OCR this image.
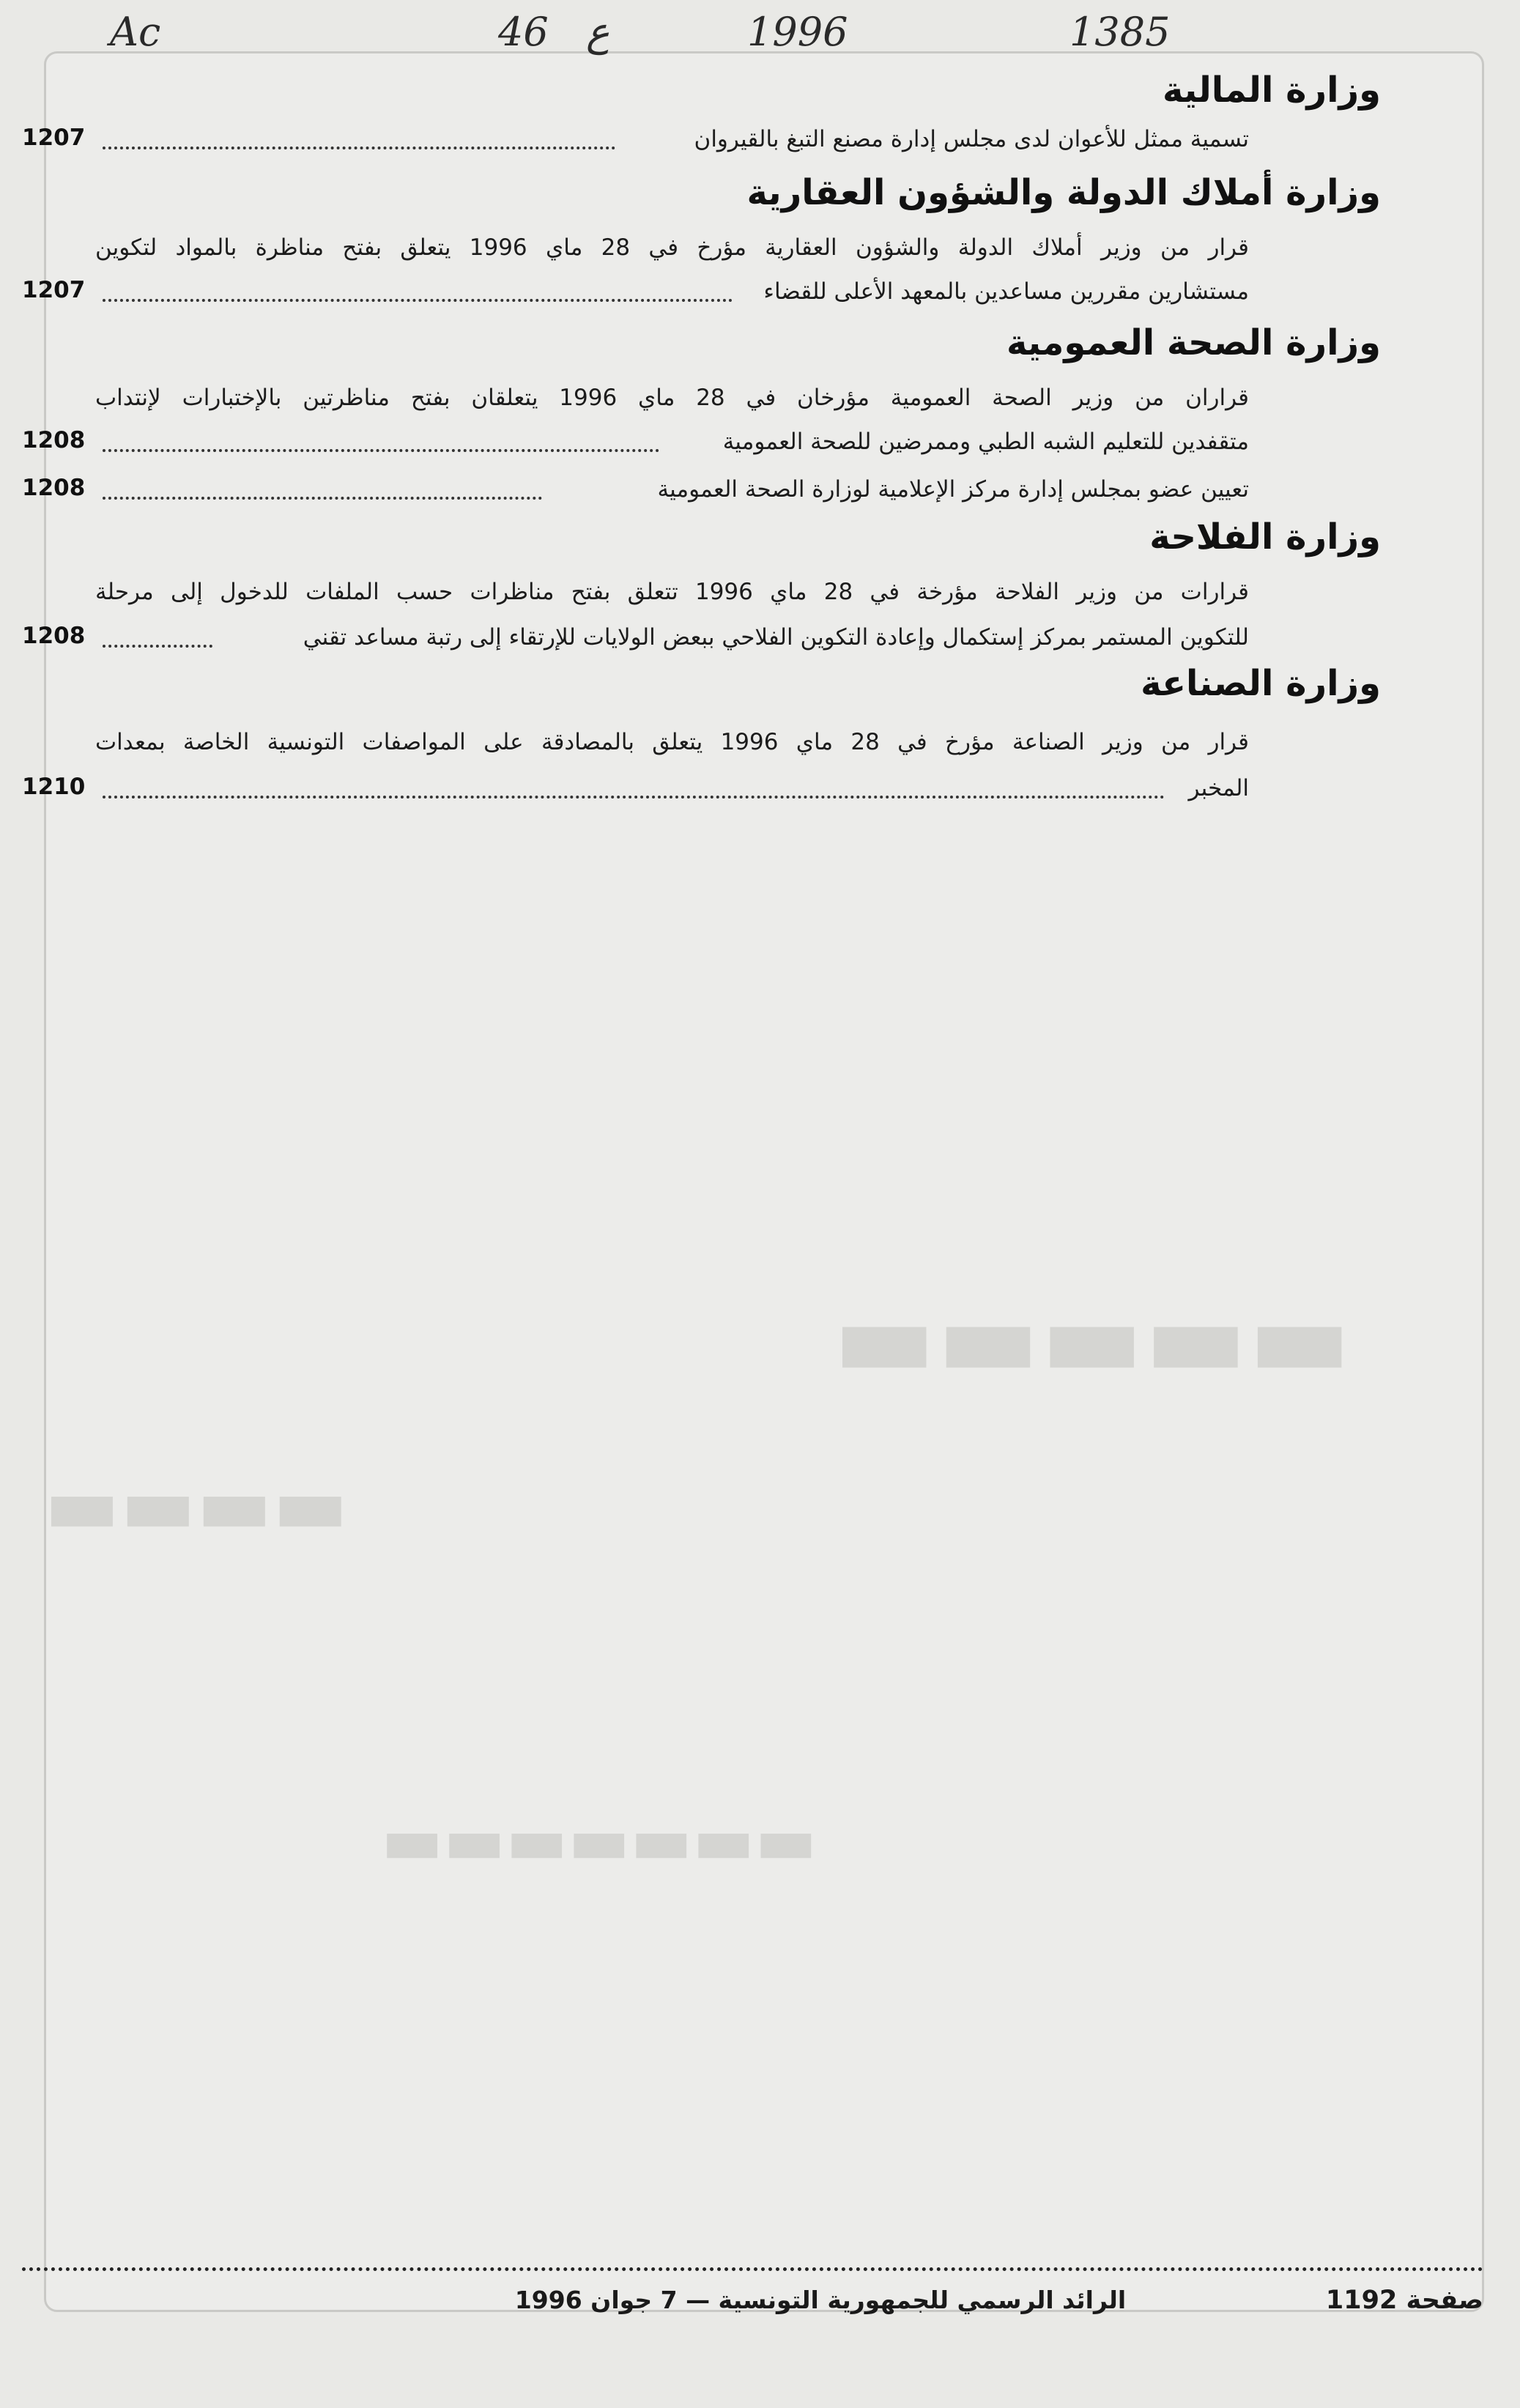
▬▬▬▬▬
▬▬▬▬
▬▬▬▬▬▬▬
Ac	46 ع	1996	1385
وزارة المالية
تسمية ممثل للأعوان لدى مجلس إدارة مصنع التبغ بالقيروان
1207
وزارة أملاك الدولة والشؤون العقارية
قرار من وزير أملاك الدولة والشؤون العقارية مؤرخ في 28 ماي 1996 يتعلق بفتح مناظرة بالمواد لتكوين
مستشارين مقررين مساعدين بالمعهد الأعلى للقضاء
1207
وزارة الصحة العمومية
قراران من وزير الصحة العمومية مؤرخان في 28 ماي 1996 يتعلقان بفتح مناظرتين بالإختبارات لإنتداب
متقفدين للتعليم الشبه الطبي وممرضين للصحة العمومية
1208
تعيين عضو بمجلس إدارة مركز الإعلامية لوزارة الصحة العمومية
1208
وزارة الفلاحة
قرارات من وزير الفلاحة مؤرخة في 28 ماي 1996 تتعلق بفتح مناظرات حسب الملفات للدخول إلى مرحلة
للتكوين المستمر بمركز إستكمال وإعادة التكوين الفلاحي ببعض الولايات للإرتقاء إلى رتبة مساعد تقني
1208
وزارة الصناعة
قرار من وزير الصناعة مؤرخ في 28 ماي 1996 يتعلق بالمصادقة على المواصفات التونسية الخاصة بمعدات
المخبر
1210
صفحة 1192
الرائد الرسمي للجمهورية التونسية — 7 جوان 1996
